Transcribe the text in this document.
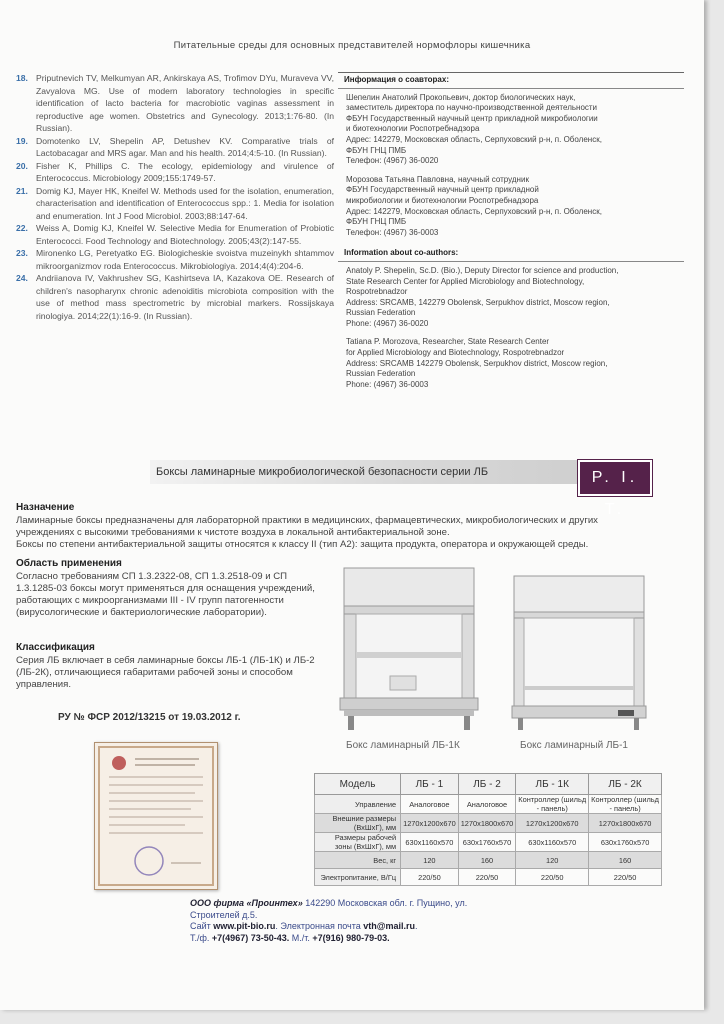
Питательные среды для основных представителей нормофлоры кишечника
18. Priputnevich TV, Melkumyan AR, Ankirskaya AS, Trofimov DYu, Muraveva VV, Zavyalova MG. Use of modern laboratory technologies in specific identification of lacto bacteria for macrobiotic vaginas assessment in reproductive age women. Obstetrics and Gynecology. 2013;1:76-80. (In Russian).
19. Domotenko LV, Shepelin AP, Detushev KV. Comparative trials of Lactobacagar and MRS agar. Man and his health. 2014;4:5-10. (In Russian).
20. Fisher K, Phillips C. The ecology, epidemiology and virulence of Enterococcus. Microbiology 2009;155:1749-57.
21. Domig KJ, Mayer HK, Kneifel W. Methods used for the isolation, enumeration, characterisation and identification of Enterococcus spp.: 1. Media for isolation and enumeration. Int J Food Microbiol. 2003;88:147-64.
22. Weiss A, Domig KJ, Kneifel W. Selective Media for Enumeration of Probiotic Enterococci. Food Technology and Biotechnology. 2005;43(2):147-55.
23. Mironenko LG, Peretyatko EG. Biologicheskie svoistva muzeinykh shtammov mikroorganizmov roda Enterococcus. Mikrobiologiya. 2014;4(4):204-6.
24. Andriianova IV, Vakhrushev SG, Kashirtseva IA, Kazakova OE. Research of children's nasopharynx chronic adenoiditis microbiota composition with the use of method mass spectrometric by microbial markers. Rossijskaya rinologiya. 2014;22(1):16-9. (In Russian).
Информация о соавторах:
Шепелин Анатолий Прокопьевич, доктор биологических наук,
заместитель директора по научно-производственной деятельности
ФБУН Государственный научный центр прикладной микробиологии
и биотехнологии Роспотребнадзора
Адрес: 142279, Московская область, Серпуховский р-н, п. Оболенск,
ФБУН ГНЦ ПМБ
Телефон: (4967) 36-0020
Морозова Татьяна Павловна, научный сотрудник
ФБУН Государственный научный центр прикладной
микробиологии и биотехнологии Роспотребнадзора
Адрес: 142279, Московская область, Серпуховский р-н, п. Оболенск,
ФБУН ГНЦ ПМБ
Телефон: (4967) 36-0003
Information about co-authors:
Anatoly P. Shepelin, Sc.D. (Bio.), Deputy Director for science and production,
State Research Center for Applied Microbiology and Biotechnology,
Rospotrebnadzor
Address: SRCAMB, 142279 Obolensk, Serpukhov district, Moscow region,
Russian Federation
Phone: (4967) 36-0020
Tatiana P. Morozova, Researcher, State Research Center
for Applied Microbiology and Biotechnology, Rospotrebnadzor
Address: SRCAMB 142279 Obolensk, Serpukhov district, Moscow region,
Russian Federation
Phone: (4967) 36-0003
Боксы ламинарные микробиологической безопасности серии ЛБ	P. I. T.
Назначение
Ламинарные боксы предназначены для лабораторной практики в медицинских, фармацевтических, микробиологических и других
учреждениях с высокими требованиями к чистоте воздуха в локальной антибактериальной зоне.
Боксы по степени антибактериальной защиты относятся к классу II (тип А2): защита продукта, оператора и окружающей среды.
Область применения
Согласно требованиям СП 1.3.2322-08, СП 1.3.2518-09 и СП 1.3.1285-03 боксы могут применяться для оснащения учреждений, работающих с микроорганизмами III - IV групп патогенности (вирусологические и бактериологические лаборатории).
Классификация
Серия ЛБ включает в себя ламинарные боксы ЛБ-1 (ЛБ-1К) и ЛБ-2 (ЛБ-2К), отличающиеся габаритами рабочей зоны и способом управления.
РУ № ФСР 2012/13215 от 19.03.2012 г.
Бокс ламинарный ЛБ-1К	Бокс ламинарный ЛБ-1
Модель	ЛБ - 1	ЛБ - 2	ЛБ - 1К	ЛБ - 2К
Управление	Аналоговое	Аналоговое	Контроллер (шильд - панель)	Контроллер (шильд - панель)
Внешние размеры (ВхШхГ), мм	1270x1200x670	1270x1800x670	1270x1200x670	1270x1800x670
Размеры рабочей зоны (ВхШхГ), мм	630x1160x570	630x1760x570	630x1160x570	630x1760x570
Вес, кг	120	160	120	160
Электропитание, В/Гц	220/50	220/50	220/50	220/50
ООО фирма «Проинтех» 142290 Московская обл. г. Пущино, ул. Строителей д.5.
Сайт www.pit-bio.ru. Электронная почта vth@mail.ru.
Т./ф. +7(4967) 73-50-43. М./т. +7(916) 980-79-03.
